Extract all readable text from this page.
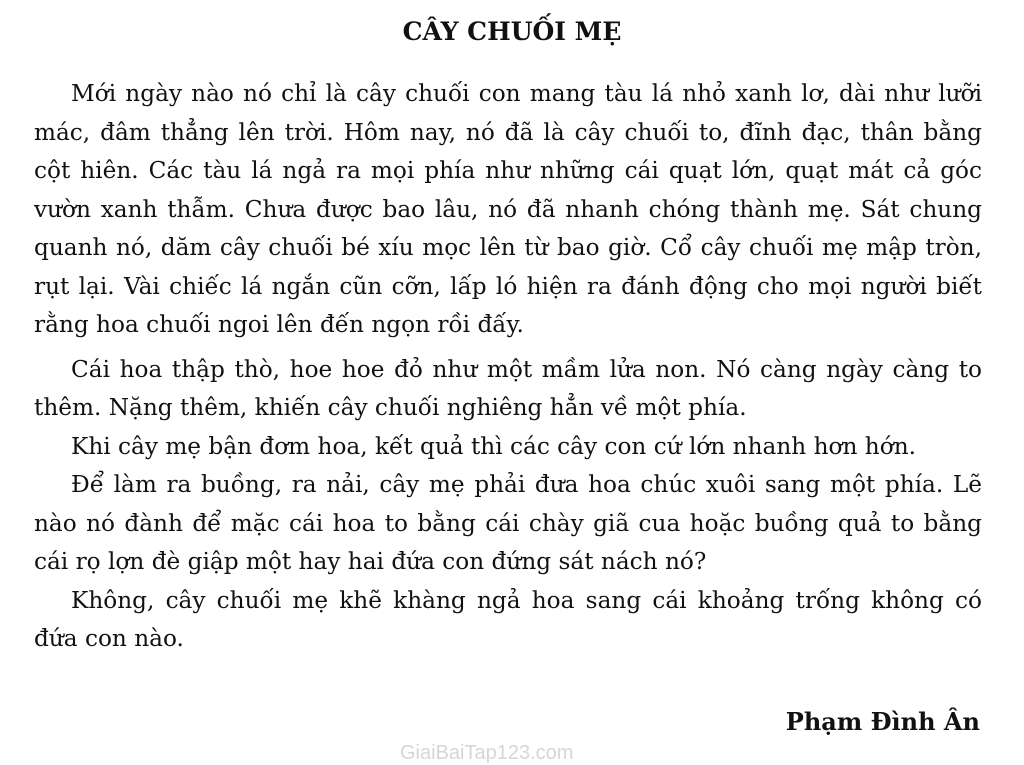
CÂY CHUỐI MẸ

Mới ngày nào nó chỉ là cây chuối con mang tàu lá nhỏ xanh lơ, dài như lưỡi mác, đâm thẳng lên trời. Hôm nay, nó đã là cây chuối to, đĩnh đạc, thân bằng cột hiên. Các tàu lá ngả ra mọi phía như những cái quạt lớn, quạt mát cả góc vườn xanh thẫm. Chưa được bao lâu, nó đã nhanh chóng thành mẹ. Sát chung quanh nó, dăm cây chuối bé xíu mọc lên từ bao giờ. Cổ cây chuối mẹ mập tròn, rụt lại. Vài chiếc lá ngắn cũn cỡn, lấp ló hiện ra đánh động cho mọi người biết rằng hoa chuối ngoi lên đến ngọn rồi đấy.

Cái hoa thập thò, hoe hoe đỏ như một mầm lửa non. Nó càng ngày càng to thêm. Nặng thêm, khiến cây chuối nghiêng hẳn về một phía.

Khi cây mẹ bận đơm hoa, kết quả thì các cây con cứ lớn nhanh hơn hớn.

Để làm ra buồng, ra nải, cây mẹ phải đưa hoa chúc xuôi sang một phía. Lẽ nào nó đành để mặc cái hoa to bằng cái chày giã cua hoặc buồng quả to bằng cái rọ lợn đè giập một hay hai đứa con đứng sát nách nó?

Không, cây chuối mẹ khẽ khàng ngả hoa sang cái khoảng trống không có đứa con nào.

Phạm Đình Ân
GiaiBaiTap123.com
